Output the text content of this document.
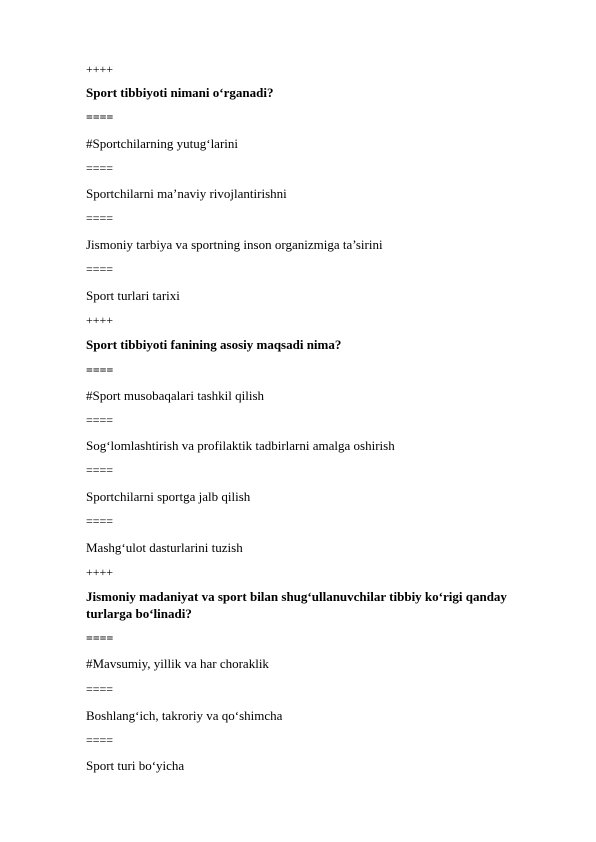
++++
Sport tibbiyoti nimani o‘rganadi?
====
#Sportchilarning yutug‘larini
====
Sportchilarni ma’naviy rivojlantirishni
====
Jismoniy tarbiya va sportning inson organizmiga ta’sirini
====
Sport turlari tarixi
++++
Sport tibbiyoti fanining asosiy maqsadi nima?
====
#Sport musobaqalari tashkil qilish
====
Sog‘lomlashtirish va profilaktik tadbirlarni amalga oshirish
====
Sportchilarni sportga jalb qilish
====
Mashg‘ulot dasturlarini tuzish
++++
Jismoniy madaniyat va sport bilan shug‘ullanuvchilar tibbiy ko‘rigi qanday turlarga bo‘linadi?
====
#Mavsumiy, yillik va har choraklik
====
Boshlang‘ich, takroriy va qo‘shimcha
====
Sport turi bo‘yicha
